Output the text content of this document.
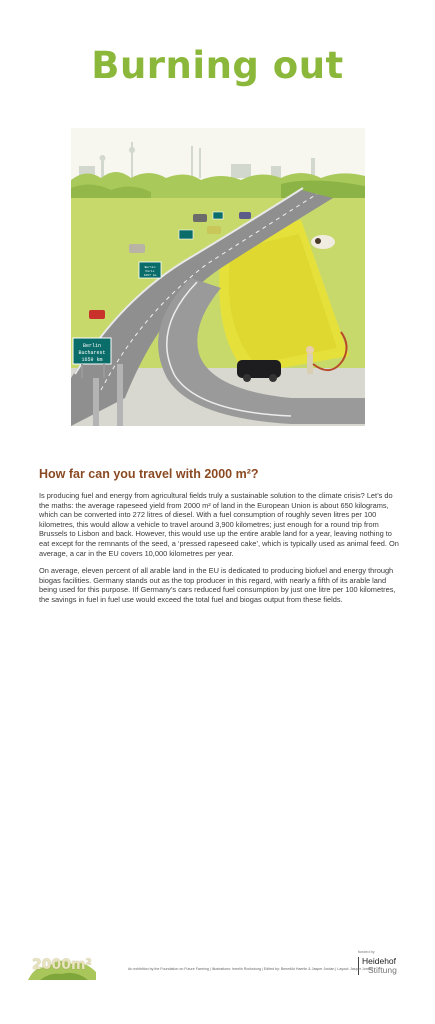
Burning out
Berlin
Bucharest
1659 km
Berlin
Paris
1057 km
How far can you travel with 2000 m²?

Is producing fuel and energy from agricultural fields truly a sustainable solution to the climate crisis? Let’s do the maths: the average rapeseed yield from 2000 m² of land in the European Union is about 650 kilograms, which can be converted into 272 litres of diesel. With a fuel consumption of roughly seven litres per 100 kilometres, this would allow a vehicle to travel around 3,900 kilometres; just enough for a round trip from Brussels to Lisbon and back. However, this would use up the entire arable land for a year, leaving nothing to eat except for the remnants of the seed, a ‘pressed rapeseed cake’, which is typically used as animal feed. On average, a car in the EU covers 10,000 kilometres per year.

On average, eleven percent of all arable land in the EU is dedicated to producing biofuel and energy through biogas facilities. Germany stands out as the top producer in this regard, with nearly a fifth of its arable land being used for this purpose. IIf Germany’s cars reduced fuel consumption by just one litre per 100 kilometres, the savings in fuel in fuel use would exceed the total fuel and biogas output from these fields.

2000m²	An exhibition by the Foundation on Future Farming | Illustrations: Irmelin Rocksburg | Edited by: Benedikt Haerlin & Jasper Jordan | Layout: Jasper Jordan
funded by
Heidehof
Stiftung
